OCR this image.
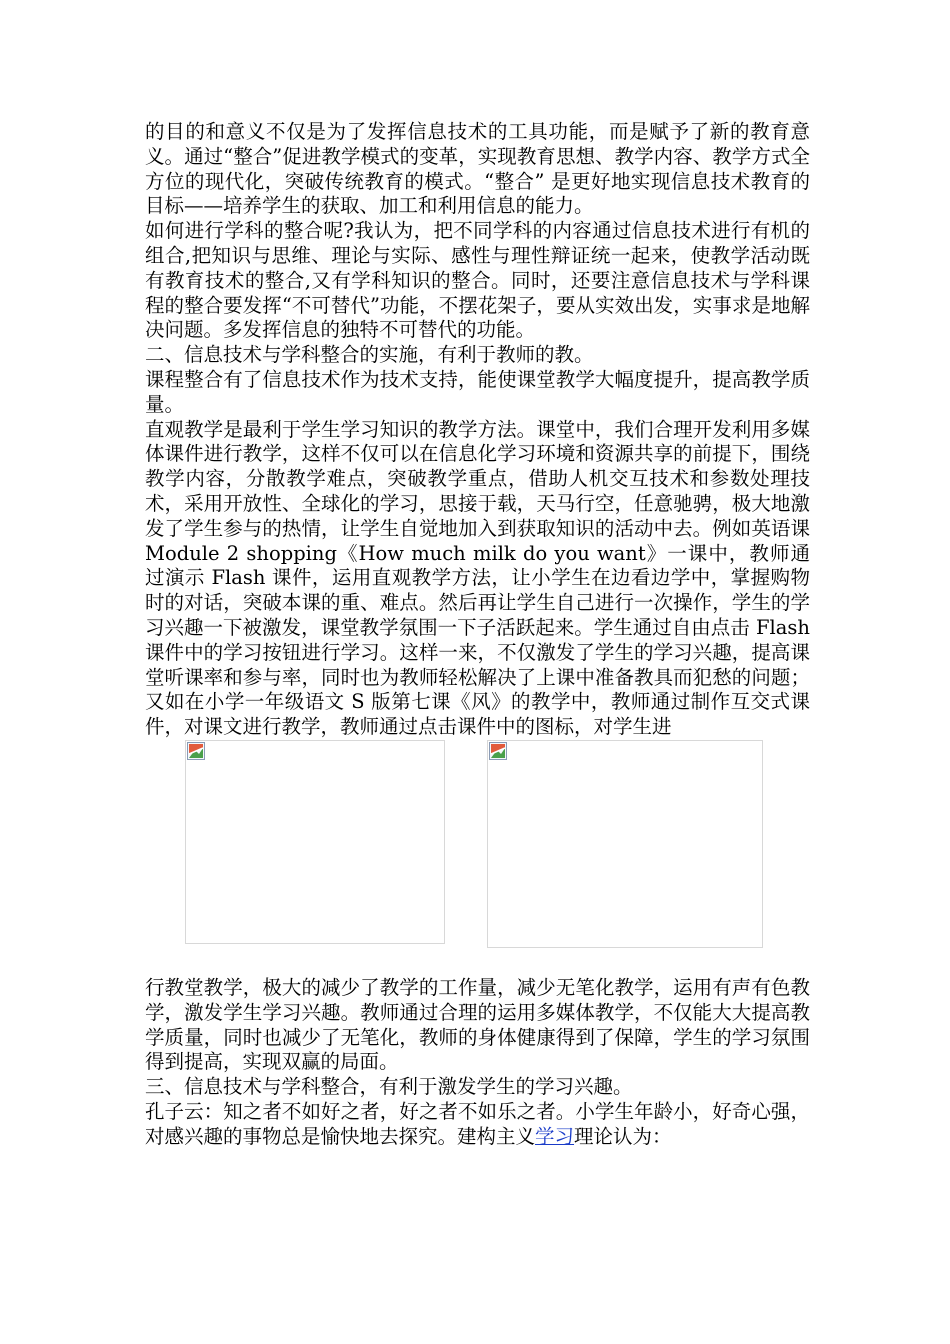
的目的和意义不仅是为了发挥信息技术的工具功能，而是赋予了新的教育意义。通过“整合”促进教学模式的变革，实现教育思想、教学内容、教学方式全方位的现代化，突破传统教育的模式。“整合” 是更好地实现信息技术教育的目标——培养学生的获取、加工和利用信息的能力。

如何进行学科的整合呢?我认为，把不同学科的内容通过信息技术进行有机的组合,把知识与思维、理论与实际、感性与理性辩证统一起来，使教学活动既有教育技术的整合,又有学科知识的整合。同时，还要注意信息技术与学科课程的整合要发挥“不可替代”功能，不摆花架子，要从实效出发，实事求是地解决问题。多发挥信息的独特不可替代的功能。

二、信息技术与学科整合的实施，有利于教师的教。

课程整合有了信息技术作为技术支持，能使课堂教学大幅度提升，提高教学质量。

直观教学是最利于学生学习知识的教学方法。课堂中，我们合理开发利用多媒体课件进行教学，这样不仅可以在信息化学习环境和资源共享的前提下，围绕教学内容，分散教学难点，突破教学重点，借助人机交互技术和参数处理技术，采用开放性、全球化的学习，思接于载，天马行空，任意驰骋，极大地激发了学生参与的热情，让学生自觉地加入到获取知识的活动中去。例如英语课 Module 2 shopping《How much milk do you want》一课中，教师通过演示 Flash 课件，运用直观教学方法，让小学生在边看边学中，掌握购物时的对话，突破本课的重、难点。然后再让学生自己进行一次操作，学生的学习兴趣一下被激发，课堂教学氛围一下子活跃起来。学生通过自由点击 Flash 课件中的学习按钮进行学习。这样一来，不仅激发了学生的学习兴趣，提高课堂听课率和参与率，同时也为教师轻松解决了上课中准备教具而犯愁的问题；又如在小学一年级语文 S 版第七课《风》的教学中，教师通过制作互交式课件，对课文进行教学，教师通过点击课件中的图标，对学生进

行教堂教学，极大的减少了教学的工作量，减少无笔化教学，运用有声有色教学，激发学生学习兴趣。教师通过合理的运用多媒体教学，不仅能大大提高教学质量，同时也减少了无笔化，教师的身体健康得到了保障，学生的学习氛围得到提高，实现双赢的局面。

三、信息技术与学科整合，有利于激发学生的学习兴趣。

孔子云：知之者不如好之者，好之者不如乐之者。小学生年龄小，好奇心强，对感兴趣的事物总是愉快地去探究。建构主义学习理论认为：
